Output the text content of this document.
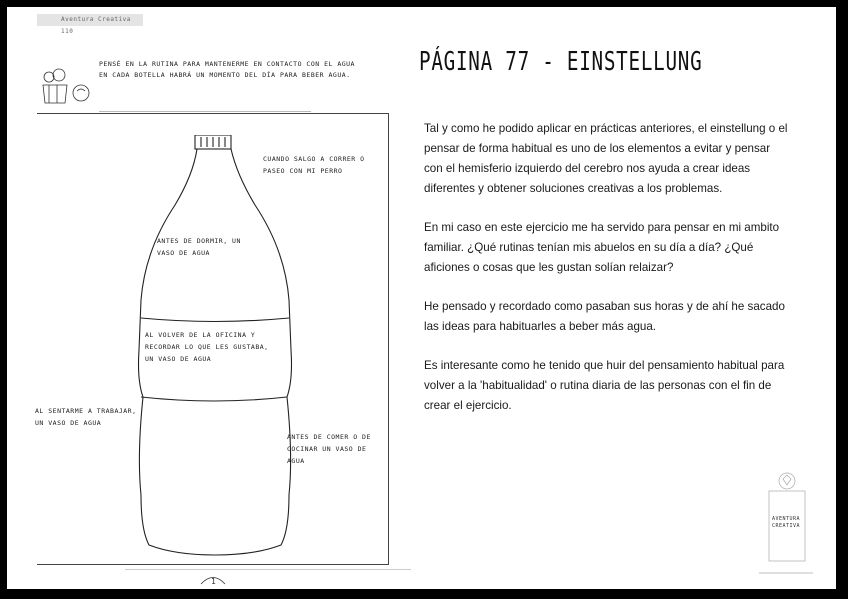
Aventura Creativa 110
PENSÉ EN LA RUTINA PARA MANTENERME EN CONTACTO CON EL AGUA
EN CADA BOTELLA HABRÁ UN MOMENTO DEL DÍA PARA BEBER AGUA.
CUANDO SALGO A CORRER O PASEO CON MI PERRO
ANTES DE DORMIR, UN VASO DE AGUA
AL VOLVER DE LA OFICINA Y RECORDAR LO QUE LES GUSTABA, UN VASO DE AGUA
AL SENTARME A TRABAJAR, UN VASO DE AGUA
ANTES DE COMER O DE COCINAR UN VASO DE AGUA
1
PÁGINA 77 - EINSTELLUNG

Tal y como he podido aplicar en prácticas anteriores, el einstellung o el pensar de forma habitual es uno de los elementos a evitar y pensar con el hemisferio izquierdo del cerebro nos ayuda a crear ideas diferentes y obtener soluciones creativas a los problemas.

En mi caso en este ejercicio me ha servido para pensar en mi ambito familiar. ¿Qué rutinas tenían mis abuelos en su día a día? ¿Qué aficiones o cosas que les gustan solían relaizar?

He pensado y recordado como pasaban sus horas y de ahí he sacado las ideas para habituarles a beber más agua.

Es interesante como he tenido que huir del pensamiento habitual para volver a la 'habitualidad' o rutina diaria de las personas con el fin de crear el ejercicio.

AVENTURA CREATIVA
